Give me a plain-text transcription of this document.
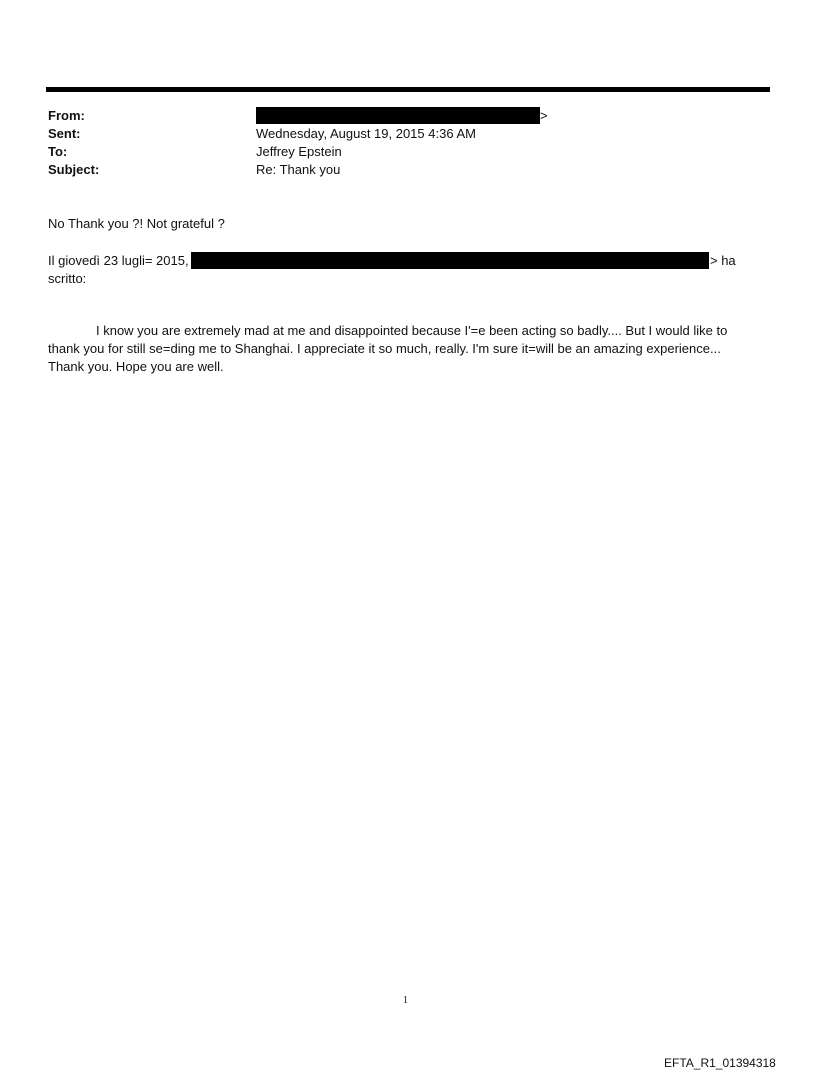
From:	>
Sent:	Wednesday, August 19, 2015 4:36 AM
To:	Jeffrey Epstein
Subject:	Re: Thank you
No Thank you ?! Not grateful ?
Il giovedì 23 lugli= 2015,	> ha
scritto:
I know you are extremely mad at me and disappointed because I'=e been acting so badly.... But I would like to thank you for still se=ding me to Shanghai. I appreciate it so much, really. I'm sure it=will be an amazing experience... Thank you. Hope you are well.
1
EFTA_R1_01394318
